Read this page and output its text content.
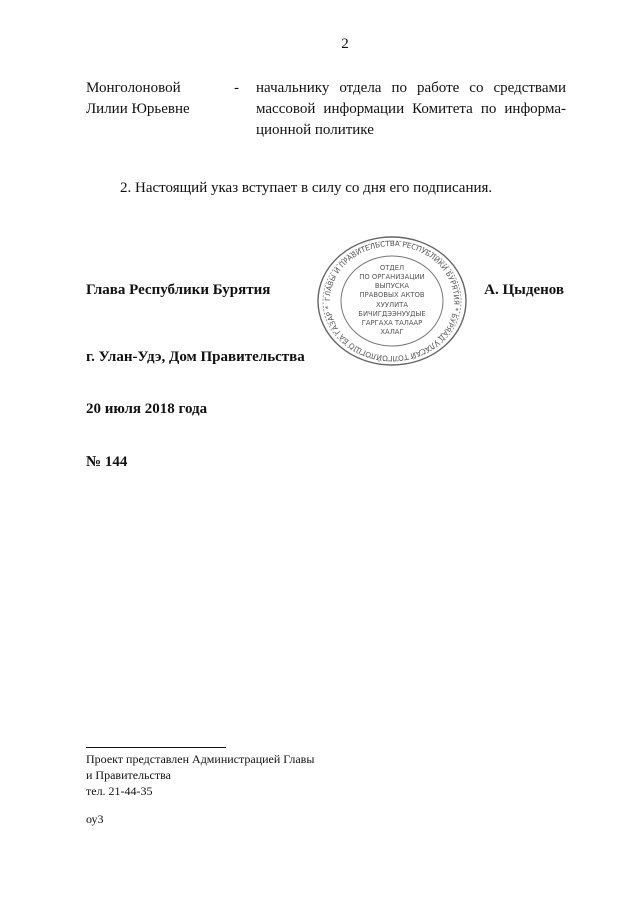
2
Монголоновой
Лилии Юрьевне
- начальнику отдела по работе со средствами
массовой информации Комитета по информа-
ционной политике
2. Настоящий указ вступает в силу со дня его подписания.
Глава Республики Бурятия	А. Цыденов
ГЛАВЫ И ПРАВИТЕЛЬСТВА РЕСПУБЛИКИ БУРЯТИЯ * БУРЯАД УЛАСАЙ ТОЛГОЙЛОГШО БА ГАЗАР *
ОТДЕЛ
ПО ОРГАНИЗАЦИИ
ВЫПУСКА
ПРАВОВЫХ АКТОВ
ХУУЛИТА
БИЧИГДЭЭНУУДЫЕ
ГАРГАХА ТАЛААР
ХАЛАГ
г. Улан-Удэ, Дом Правительства
20 июля 2018 года
№ 144
Проект представлен Администрацией Главы
и Правительства
тел. 21-44-35
оу3
